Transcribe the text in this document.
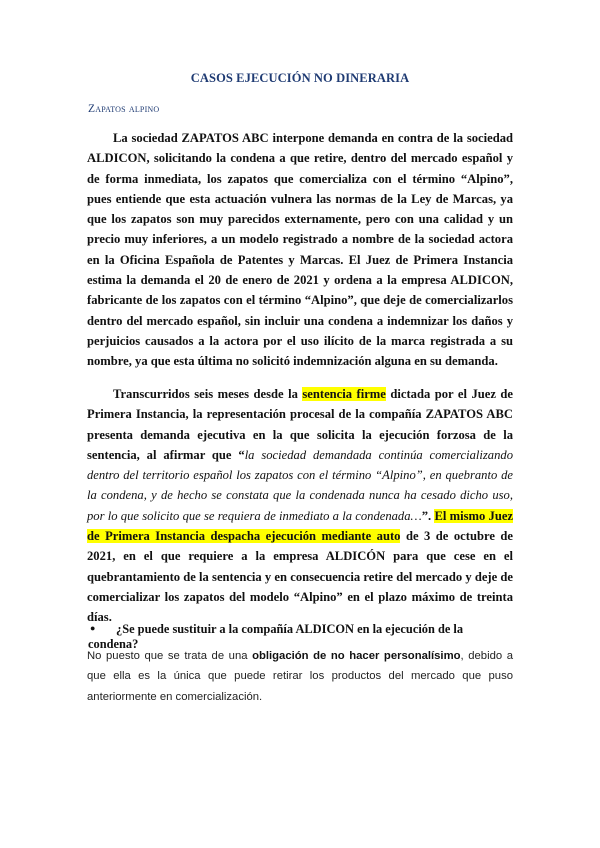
CASOS EJECUCIÓN NO DINERARIA
Zapatos alpino

La sociedad ZAPATOS ABC interpone demanda en contra de la sociedad ALDICON, solicitando la condena a que retire, dentro del mercado español y de forma inmediata, los zapatos que comercializa con el término “Alpino”, pues entiende que esta actuación vulnera las normas de la Ley de Marcas, ya que los zapatos son muy parecidos externamente, pero con una calidad y un precio muy inferiores, a un modelo registrado a nombre de la sociedad actora en la Oficina Española de Patentes y Marcas. El Juez de Primera Instancia estima la demanda el 20 de enero de 2021 y ordena a la empresa ALDICON, fabricante de los zapatos con el término “Alpino”, que deje de comercializarlos dentro del mercado español, sin incluir una condena a indemnizar los daños y perjuicios causados a la actora por el uso ilícito de la marca registrada a su nombre, ya que esta última no solicitó indemnización alguna en su demanda.

Transcurridos seis meses desde la sentencia firme dictada por el Juez de Primera Instancia, la representación procesal de la compañía ZAPATOS ABC presenta demanda ejecutiva en la que solicita la ejecución forzosa de la sentencia, al afirmar que “la sociedad demandada continúa comercializando dentro del territorio español los zapatos con el término “Alpino”, en quebranto de la condena, y de hecho se constata que la condenada nunca ha cesado dicho uso, por lo que solicito que se requiera de inmediato a la condenada…”. El mismo Juez de Primera Instancia despacha ejecución mediante auto de 3 de octubre de 2021, en el que requiere a la empresa ALDICÓN para que cese en el quebrantamiento de la sentencia y en consecuencia retire del mercado y deje de comercializar los zapatos del modelo “Alpino” en el plazo máximo de treinta días.

● ¿Se puede sustituir a la compañía ALDICON en la ejecución de la condena?

No puesto que se trata de una obligación de no hacer personalísimo, debido a que ella es la única que puede retirar los productos del mercado que puso anteriormente en comercialización.
